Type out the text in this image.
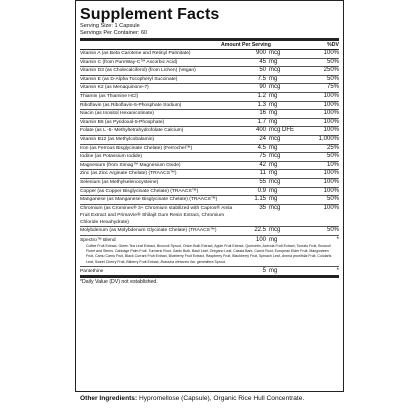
Supplement Facts
Serving Size: 1 Capsule
Servings Per Container: 60
Amount Per Serving	%DV
Vitamin A (as Beta Carotene and Retinyl Palmitate)	900 mcg	100%
Vitamin C (from PureWay-C™ Ascorbic Acid)	45 mg	50%
Vitamin D3 (as Cholecalciferol) (from Lichen) (Vegan)	50 mcg	250%
Vitamin E (as D-Alpha Tocopheryl Succinate)	7.5 mg	50%
Vitamin K2 (as Menaquinone-7)	90 mcg	75%
Thiamin (as Thiamine HCl)	1.2 mg	100%
Riboflavin (as Riboflavin-5-Phosphate Sodium)	1.3 mg	100%
Niacin (as Inositol Hexanicotinate)	16 mg	100%
Vitamin B6 (as Pyridoxal-5-Phosphate)	1.7 mg	100%
Folate (as L -5- Methyltetrahydrofolate Calcium)	400 mcg DFE	100%
Vitamin B12 (as Methylcobalamin)	24 mcg	1,000%
Iron (as Ferrous Bisglycinate Chelate) (Ferrochel™)	4.5 mg	25%
Iodine (as Potassium Iodide)	75 mcg	50%
Magnesium (from Simag™ Magnesium Oxide)	42 mg	10%
Zinc (as Zinc Arginate Chelate) (TRAACS™)	11 mg	100%
Selenium (as Methylselenocysteine)	55 mcg	100%
Copper (as Copper Bisglycinate Chelate) (TRAACS™)	0.9 mg	100%
Manganese (as Manganese Bisglycinate Chelate) (TRAACS™)	1.15 mg	50%
Chromium (as Crominex® 3+ Chromium stabilized with Capros® Amla Fruit Extract and PrimaVie® Shilajit Gum Resin Extract, Chromium Chloride Hexahydrate)
35 mcg	100%
Molybdenum (as Molybdenum Glycinate Chelate) (TRAACS™)	22.5 mcg	50%
Spectro™ Blend	100 mg	*
Coffee Fruit Extract, Green Tea Leaf Extract, Broccoli Sprout, Onion Bulb Extract, Apple Fruit Extract, Quercetin, Acerola Fruit Extract, Tomato Fruit, Broccoli Floret and Stems, Cabbage Palm Fruit, Turmeric Root, Garlic Bulb, Basil Leaf, Oregano Leaf, Cassia Bark, Carrot Root, European Elder Fruit, Mangosteen Fruit, Camu Camu Fruit, Black Currant Fruit Extract, Blueberry Fruit Extract, Raspberry Fruit, Blackberry Fruit, Spinach Leaf, Aronia prunifolia Fruit, Cololarts Leaf, Sweet Cherry Fruit, Bilberry Fruit Extract, Brassica oleracea Var. gemmifera Sprout.
Pantethine	5 mg	*
*Daily Value (DV) not established.
Other Ingredients: Hypromellose (Capsule), Organic Rice Hull Concentrate.
